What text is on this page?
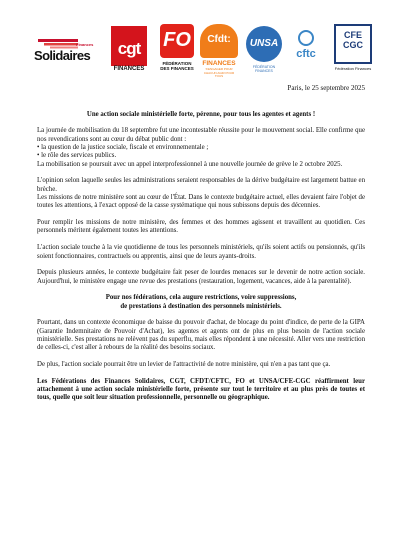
Finances
Solidaires cgt
FINANCES
FO
FÉDÉRATION DES FINANCES
Cfdt:
FINANCES
S'ENGAGER POUR CHACUN AGIR POUR TOUS
UNSA
FÉDÉRATION FINANCES
cftc
CFE CGC
Fédération Finances
Paris, le 25 septembre 2025

Une action sociale ministérielle forte, pérenne, pour tous les agentes et agents !

La journée de mobilisation du 18 septembre fut une incontestable réussite pour le mouvement social. Elle confirme que nos revendications sont au cœur du débat public dont :

• la question de la justice sociale, fiscale et environnementale ;

• le rôle des services publics.

La mobilisation se poursuit avec un appel interprofessionnel à une nouvelle journée de grève le 2 octobre 2025.

L'opinion selon laquelle seules les administrations seraient responsables de la dérive budgétaire est largement battue en brèche.

Les missions de notre ministère sont au cœur de l'État. Dans le contexte budgétaire actuel, elles devaient faire l'objet de toutes les attentions, à l'exact opposé de la casse systématique qui nous subissons depuis des décennies.

Pour remplir les missions de notre ministère, des femmes et des hommes agissent et travaillent au quotidien. Ces personnels méritent également toutes les attentions.

L'action sociale touche à la vie quotidienne de tous les personnels ministériels, qu'ils soient actifs ou pensionnés, qu'ils soient fonctionnaires, contractuels ou apprentis, ainsi que de leurs ayants-droits.

Depuis plusieurs années, le contexte budgétaire fait peser de lourdes menaces sur le devenir de notre action sociale. Aujourd'hui, le ministère engage une revue des prestations (restauration, logement, vacances, aide à la parentalité).

Pour nos fédérations, cela augure restrictions, voire suppressions,

de prestations à destination des personnels ministériels.

Pourtant, dans un contexte économique de baisse du pouvoir d'achat, de blocage du point d'indice, de perte de la GIPA (Garantie Indemnitaire de Pouvoir d'Achat), les agentes et agents ont de plus en plus besoin de l'action sociale ministérielle. Ses prestations ne relèvent pas du superflu, mais elles répondent à une nécessité. Aller vers une restriction de celles-ci, c'est aller à rebours de la réalité des besoins sociaux.

De plus, l'action sociale pourrait être un levier de l'attractivité de notre ministère, qui n'en a pas tant que ça.

Les Fédérations des Finances Solidaires, CGT, CFDT/CFTC, FO et UNSA/CFE-CGC réaffirment leur attachement à une action sociale ministérielle forte, présente sur tout le territoire et au plus près de toutes et tous, quelle que soit leur situation professionnelle, personnelle ou géographique.
